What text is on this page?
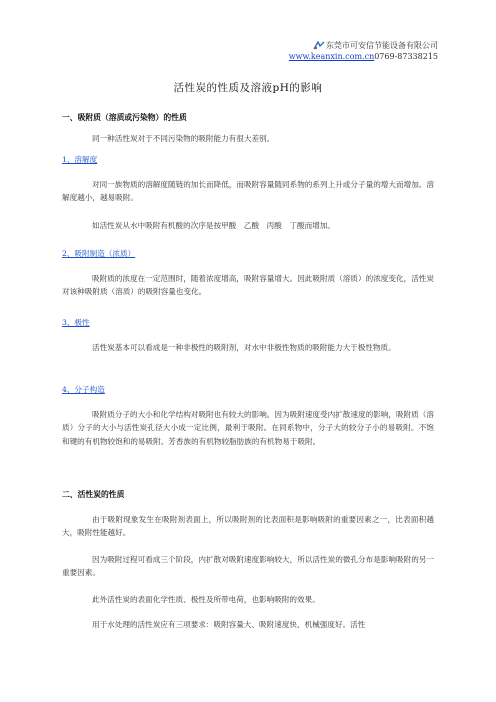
东莞市可安信节能设备有限公司
www.keanxin.com.cn0769-87338215
活性炭的性质及溶液pH的影响

一、吸附质（溶质或污染物）的性质

同一种活性炭对于不同污染物的吸附能力有很大差别。

1、溶解度

对同一族物质的溶解度随链的加长而降低，而吸附容量随同系物的系列上升或分子量的增大而增加。溶解度越小，越易吸附。

如活性炭从水中吸附有机酸的次序是按甲酸　乙酸　丙酸　丁酸而增加。

2、吸附制造（浓质）

吸附质的浓度在一定范围时，随着浓度增高，吸附容量增大。因此吸附质（溶质）的浓度变化，活性炭对该种吸附质（溶质）的吸附容量也变化。

3、极性

活性炭基本可以看成是一种非极性的吸附剂，对水中非极性物质的吸附能力大于极性物质。

4、分子构造

吸附质分子的大小和化学结构对吸附也有较大的影响。因为吸附速度受内扩散速度的影响，吸附质（溶质）分子的大小与活性炭孔径大小成一定比例，最利于吸附。在同系物中，分子大的较分子小的易吸附。不饱和键的有机物较饱和的易吸附。芳香族的有机物较脂肪族的有机物易于吸附。

二、活性炭的性质

由于吸附现象发生在吸附剂表面上，所以吸附剂的比表面积是影响吸附的重要因素之一，比表面积越大，吸附性能越好。

因为吸附过程可看成三个阶段，内扩散对吸附速度影响较大，所以活性炭的微孔分布是影响吸附的另一重要因素。

此外活性炭的表面化学性质、极性及所带电荷，也影响吸附的效果。

用于水处理的活性炭应有三项要求：吸附容量大、吸附速度快、机械强度好。活性
